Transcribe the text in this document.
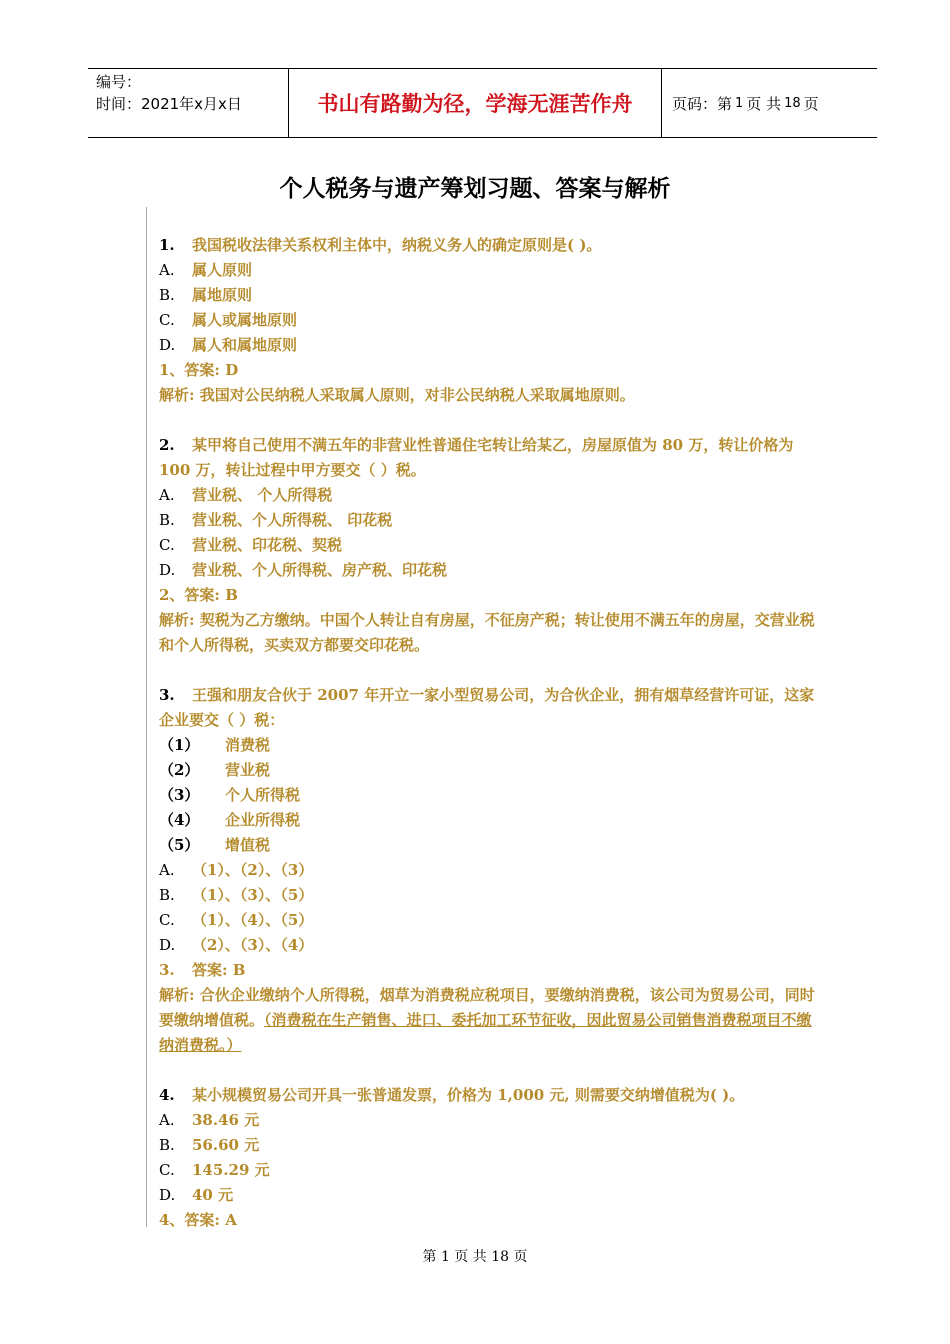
编号：
时间：2021年x月x日	书山有路勤为径，学海无涯苦作舟	页码：第 1 页 共 18 页
个人税务与遗产筹划习题、答案与解析
1. 我国税收法律关系权利主体中，纳税义务人的确定原则是( )。
A. 属人原则
B. 属地原则
C. 属人或属地原则
D. 属人和属地原则
1、答案: D
解析: 我国对公民纳税人采取属人原则，对非公民纳税人采取属地原则。
2. 某甲将自己使用不满五年的非营业性普通住宅转让给某乙，房屋原值为 80 万，转让价格为 100 万，转让过程中甲方要交（ ）税。
A. 营业税、 个人所得税
B. 营业税、个人所得税、 印花税
C. 营业税、印花税、契税
D. 营业税、个人所得税、房产税、印花税
2、答案: B
解析: 契税为乙方缴纳。中国个人转让自有房屋，不征房产税；转让使用不满五年的房屋，交营业税和个人所得税，买卖双方都要交印花税。
3. 王强和朋友合伙于 2007 年开立一家小型贸易公司，为合伙企业，拥有烟草经营许可证，这家企业要交（ ）税：
（1） 消费税
（2） 营业税
（3） 个人所得税
（4） 企业所得税
（5） 增值税
A. （1）、（2）、（3）
B. （1）、（3）、（5）
C. （1）、（4）、（5）
D. （2）、（3）、（4）
3. 答案: B
解析: 合伙企业缴纳个人所得税，烟草为消费税应税项目，要缴纳消费税，该公司为贸易公司，同时要缴纳增值税。（消费税在生产销售、进口、委托加工环节征收，因此贸易公司销售消费税项目不缴纳消费税。）
4. 某小规模贸易公司开具一张普通发票，价格为 1,000 元, 则需要交纳增值税为( )。
A. 38.46 元
B. 56.60 元
C. 145.29 元
D. 40 元
4、答案: A
第 1 页 共 18 页
